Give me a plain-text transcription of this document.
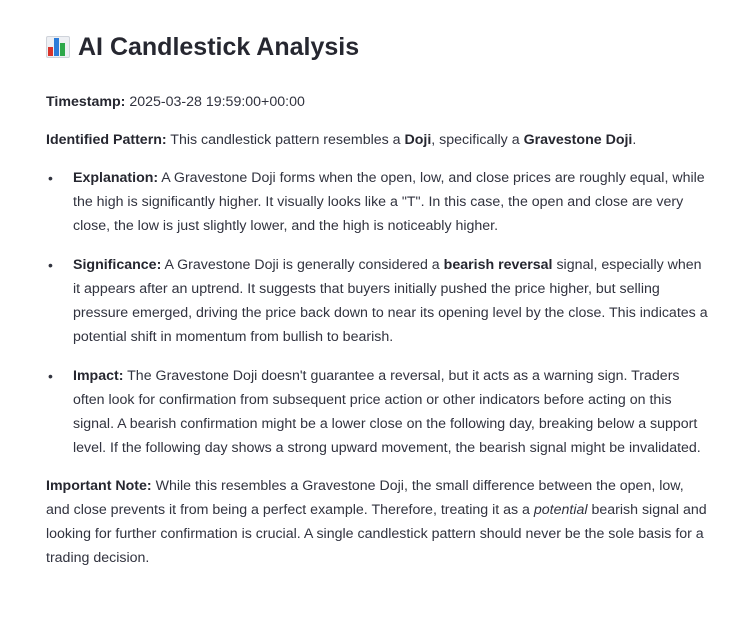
AI Candlestick Analysis

Timestamp: 2025-03-28 19:59:00+00:00

Identified Pattern: This candlestick pattern resembles a Doji, specifically a Gravestone Doji.

• Explanation: A Gravestone Doji forms when the open, low, and close prices are roughly equal, while the high is significantly higher. It visually looks like a "T". In this case, the open and close are very close, the low is just slightly lower, and the high is noticeably higher.
• Significance: A Gravestone Doji is generally considered a bearish reversal signal, especially when it appears after an uptrend. It suggests that buyers initially pushed the price higher, but selling pressure emerged, driving the price back down to near its opening level by the close. This indicates a potential shift in momentum from bullish to bearish.
• Impact: The Gravestone Doji doesn't guarantee a reversal, but it acts as a warning sign. Traders often look for confirmation from subsequent price action or other indicators before acting on this signal. A bearish confirmation might be a lower close on the following day, breaking below a support level. If the following day shows a strong upward movement, the bearish signal might be invalidated.

Important Note: While this resembles a Gravestone Doji, the small difference between the open, low, and close prevents it from being a perfect example. Therefore, treating it as a potential bearish signal and looking for further confirmation is crucial. A single candlestick pattern should never be the sole basis for a trading decision.
